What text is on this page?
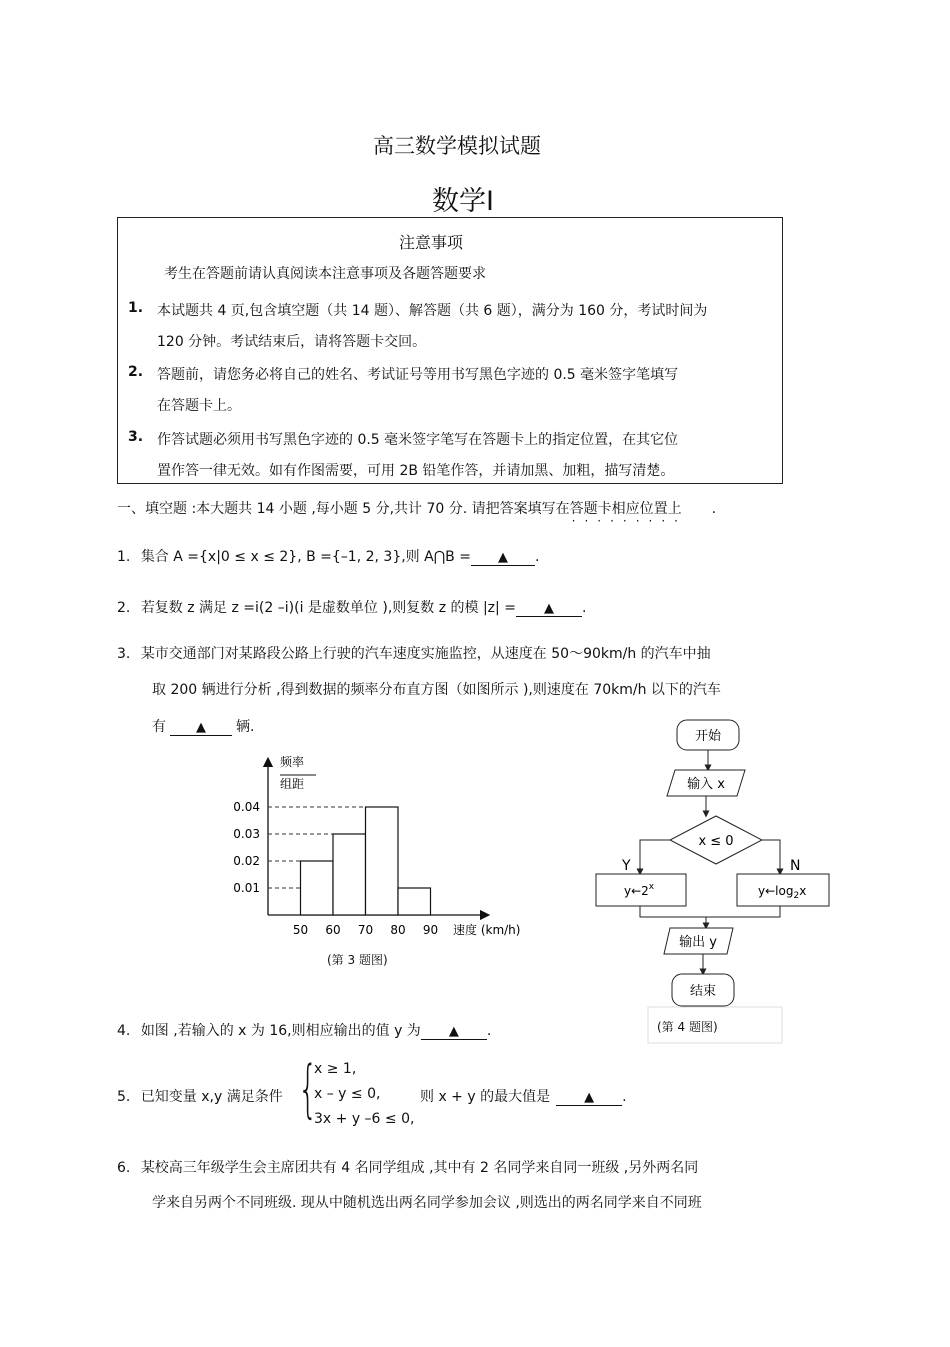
高三数学模拟试题
数学Ⅰ
注意事项
考生在答题前请认真阅读本注意事项及各题答题要求
1. 本试题共 4 页,包含填空题（共 14 题）、解答题（共 6 题），满分为 160 分，考试时间为
120 分钟。考试结束后，请将答题卡交回。
2. 答题前，请您务必将自己的姓名、考试证号等用书写黑色字迹的 0.5 毫米签字笔填写
在答题卡上。
3. 作答试题必须用书写黑色字迹的 0.5 毫米签字笔写在答题卡上的指定位置，在其它位
置作答一律无效。如有作图需要，可用 2B 铅笔作答，并请加黑、加粗，描写清楚。
一、填空题 :本大题共 14 小题 ,每小题 5 分,共计 70 分. 请把答案填写在答题卡相应位置上
·········
.
1. 集合 A ={x|0 ≤ x ≤ 2}, B ={–1, 2, 3},则 A⋂B = ▲ .
2. 若复数 z 满足 z =i(2 –i)(i 是虚数单位 ),则复数 z 的模 |z| = ▲ .
3. 某市交通部门对某路段公路上行驶的汽车速度实施监控，从速度在 50～90km/h 的汽车中抽
取 200 辆进行分析 ,得到数据的频率分布直方图（如图所示 ),则速度在 70km/h 以下的汽车
有 ▲ 辆.
频率
组距
0.01
0.02
0.03
0.04
50 60 70 80 90 速度 (km/h)
(第 3 题图)
开始
输入 x
x ≤ 0
Y	N
y←2$^x$	$y\leftarrow\log_2x$
输出 y
结束
(第 4 题图)
4. 如图 ,若输入的 x 为 16,则相应输出的值 y 为 ▲ .
5. 已知变量 x,y 满足条件 {
x ≥ 1,
x – y ≤ 0,
3x + y –6 ≤ 0,
则 x + y 的最大值是	▲ .
6. 某校高三年级学生会主席团共有 4 名同学组成 ,其中有 2 名同学来自同一班级 ,另外两名同
学来自另两个不同班级. 现从中随机选出两名同学参加会议 ,则选出的两名同学来自不同班
